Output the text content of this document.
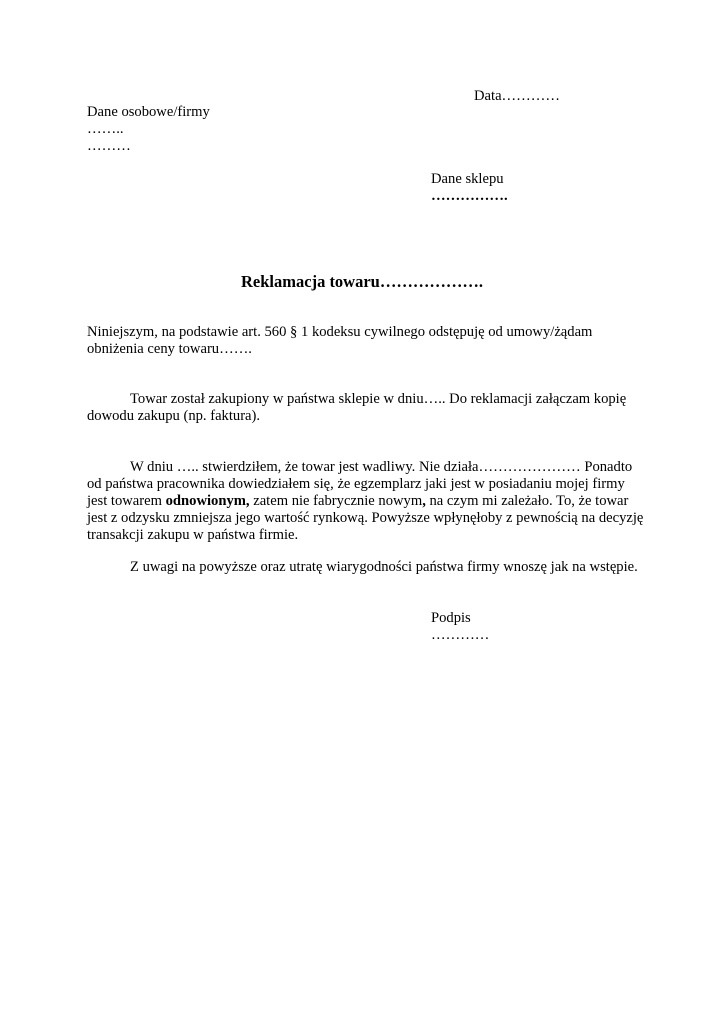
Data…………
Dane osobowe/firmy
……..
………
Dane sklepu
…………….
Reklamacja towaru……………….
Niniejszym, na podstawie art. 560 § 1 kodeksu cywilnego odstępuję od umowy/żądam obniżenia ceny towaru…….
Towar został zakupiony w państwa sklepie w dniu….. Do reklamacji załączam kopię dowodu zakupu (np. faktura).
W dniu ….. stwierdziłem, że towar jest wadliwy. Nie działa………………… Ponadto od państwa pracownika dowiedziałem się, że egzemplarz jaki jest w posiadaniu mojej firmy jest towarem odnowionym, zatem nie fabrycznie nowym, na czym mi zależało. To, że towar jest z odzysku zmniejsza jego wartość rynkową. Powyższe wpłynęłoby z pewnością na decyzję transakcji zakupu w państwa firmie.
Z uwagi na powyższe oraz utratę wiarygodności państwa firmy wnoszę jak na wstępie.
Podpis
…………
